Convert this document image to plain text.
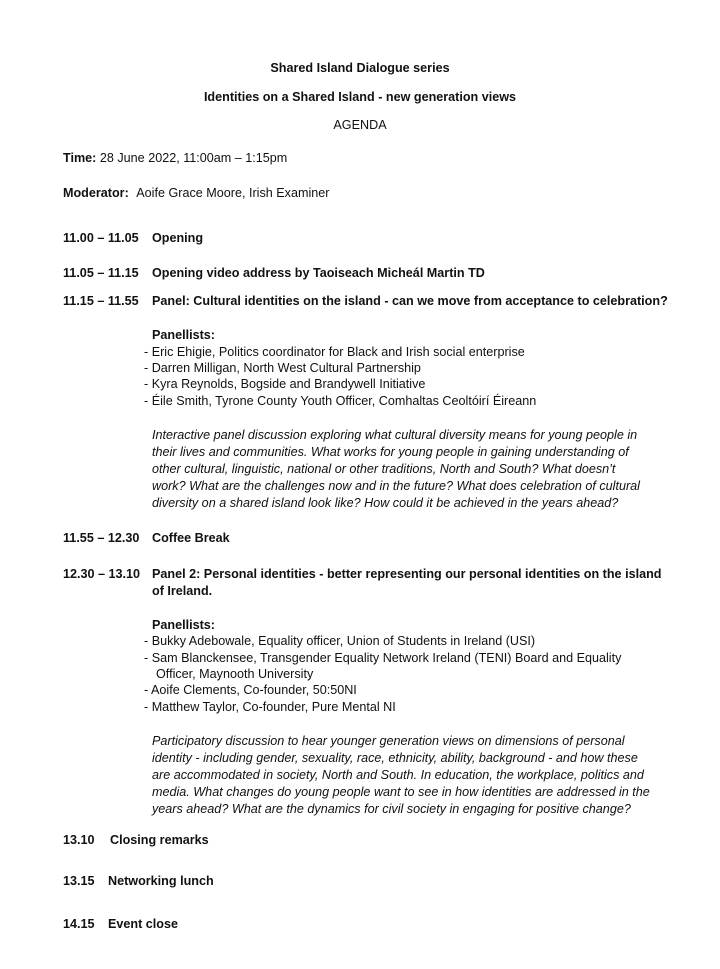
Shared Island Dialogue series
Identities on a Shared Island - new generation views
AGENDA
Time: 28 June 2022, 11:00am – 1:15pm
Moderator: Aoife Grace Moore, Irish Examiner
11.00 – 11.05 Opening
11.05 – 11.15 Opening video address by Taoiseach Micheál Martin TD
11.15 – 11.55 Panel: Cultural identities on the island - can we move from acceptance to celebration?
Panellists:
- Eric Ehigie, Politics coordinator for Black and Irish social enterprise
- Darren Milligan, North West Cultural Partnership
- Kyra Reynolds, Bogside and Brandywell Initiative
- Éile Smith, Tyrone County Youth Officer, Comhaltas Ceoltóirí Éireann
Interactive panel discussion exploring what cultural diversity means for young people in their lives and communities. What works for young people in gaining understanding of other cultural, linguistic, national or other traditions, North and South? What doesn’t work? What are the challenges now and in the future? What does celebration of cultural diversity on a shared island look like? How could it be achieved in the years ahead?
11.55 – 12.30 Coffee Break
12.30 – 13.10 Panel 2: Personal identities - better representing our personal identities on the island
of Ireland.
Panellists:
- Bukky Adebowale, Equality officer, Union of Students in Ireland (USI)
- Sam Blanckensee, Transgender Equality Network Ireland (TENI) Board and Equality
Officer, Maynooth University
- Aoife Clements, Co-founder, 50:50NI
- Matthew Taylor, Co-founder, Pure Mental NI
Participatory discussion to hear younger generation views on dimensions of personal identity - including gender, sexuality, race, ethnicity, ability, background - and how these are accommodated in society, North and South. In education, the workplace, politics and media. What changes do young people want to see in how identities are addressed in the years ahead? What are the dynamics for civil society in engaging for positive change?
13.10 Closing remarks
13.15 Networking lunch
14.15 Event close
